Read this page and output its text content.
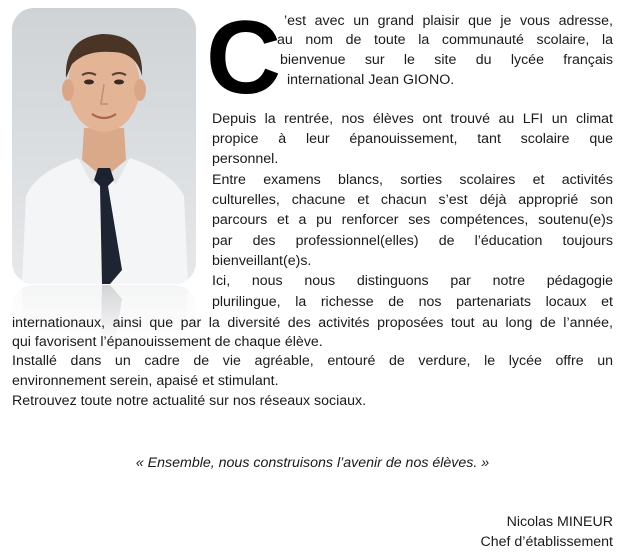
C ’est avec un grand plaisir que je vous adresse,
au nom de toute la communauté scolaire, la
bienvenue sur le site du lycée français
international Jean GIONO.
Depuis la rentrée, nos élèves ont trouvé au LFI un climat
propice à leur épanouissement, tant scolaire que
personnel.
Entre examens blancs, sorties scolaires et activités
culturelles, chacune et chacun s’est déjà approprié son
parcours et a pu renforcer ses compétences, soutenu(e)s
par des professionnel(elles) de l’éducation toujours
bienveillant(e)s.
Ici, nous nous distinguons par notre pédagogie
plurilingue, la richesse de nos partenariats locaux et
internationaux, ainsi que par la diversité des activités proposées tout au long de l’année,
qui favorisent l’épanouissement de chaque élève.
Installé dans un cadre de vie agréable, entouré de verdure, le lycée offre un
environnement serein, apaisé et stimulant.
Retrouvez toute notre actualité sur nos réseaux sociaux.
« Ensemble, nous construisons l’avenir de nos élèves. »
Nicolas MINEUR
Chef d’établissement
